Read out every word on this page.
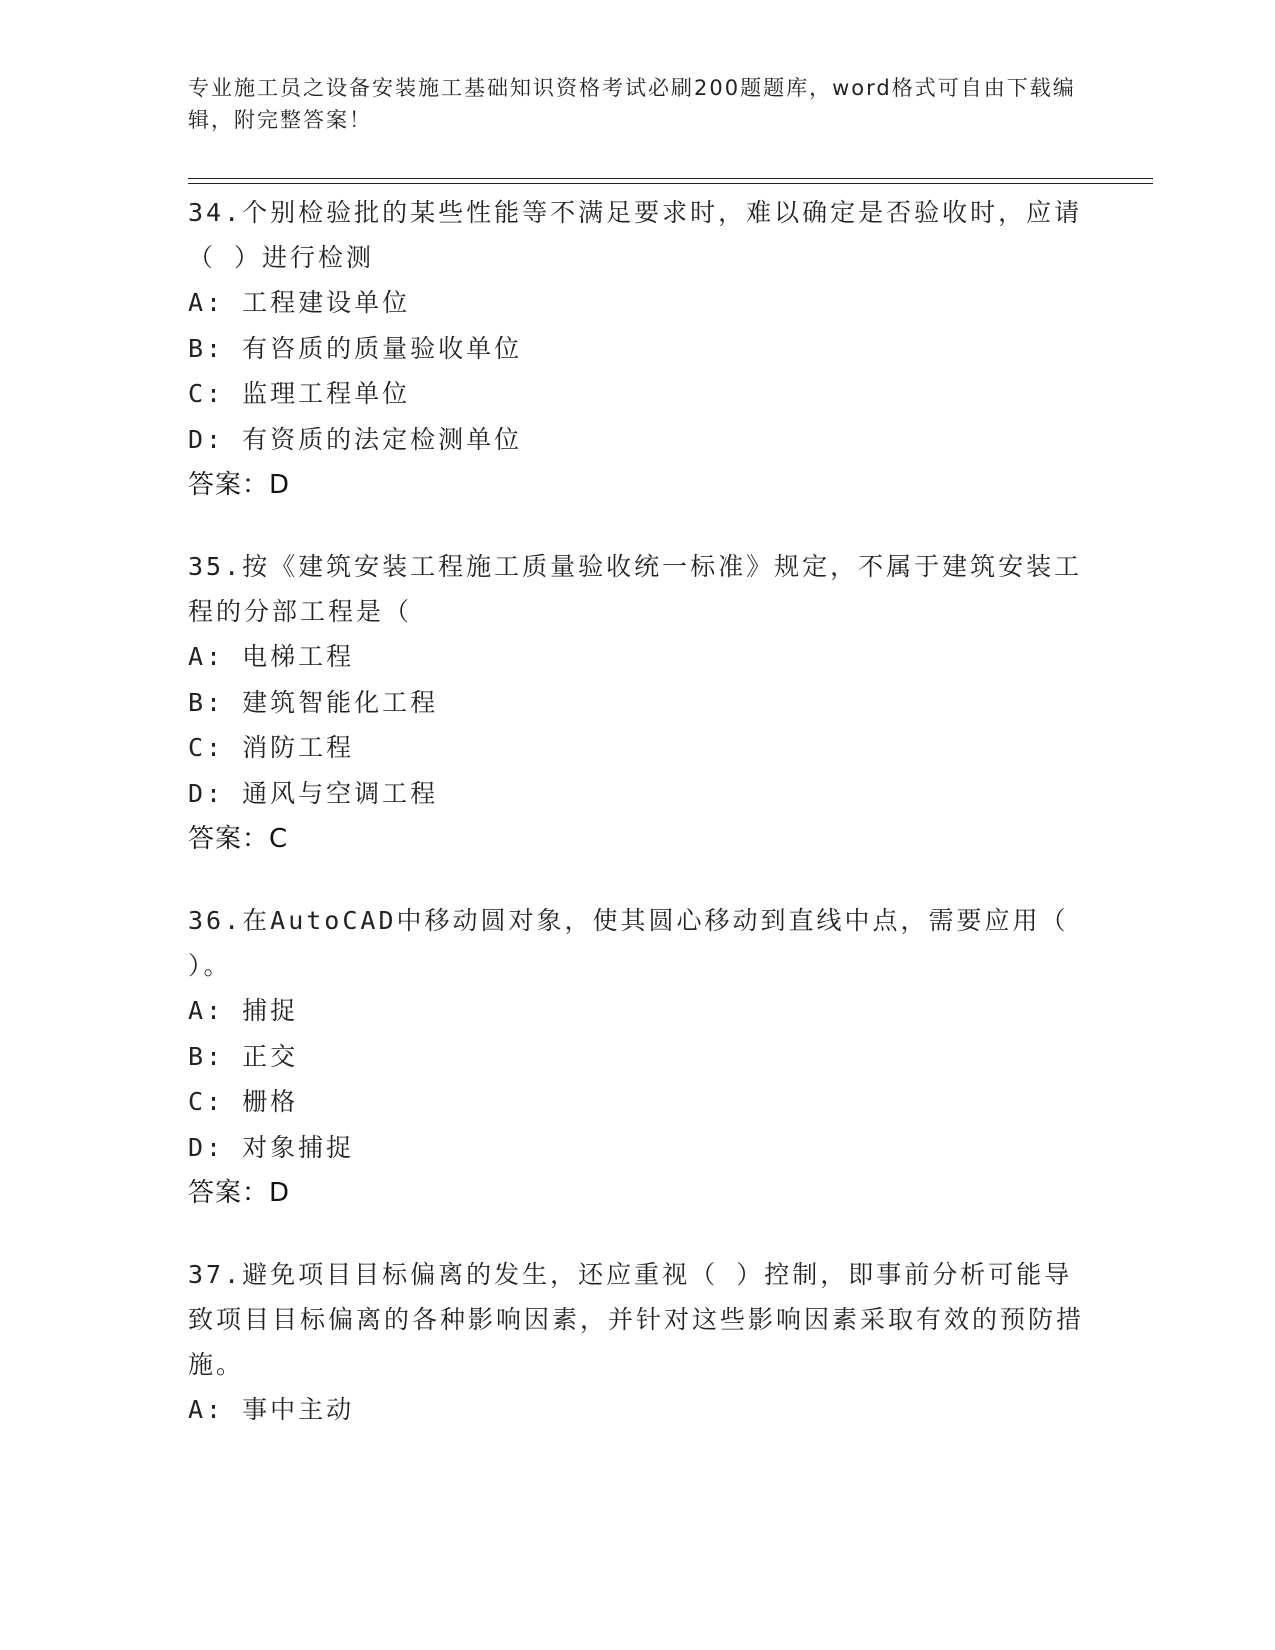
专业施工员之设备安装施工基础知识资格考试必刷200题题库，word格式可自由下载编辑，附完整答案！
34.个别检验批的某些性能等不满足要求时，难以确定是否验收时，应请（ ）进行检测
A: 工程建设单位
B: 有咨质的质量验收单位
C: 监理工程单位
D: 有资质的法定检测单位
答案：D
35.按《建筑安装工程施工质量验收统一标准》规定，不属于建筑安装工程的分部工程是（
A: 电梯工程
B: 建筑智能化工程
C: 消防工程
D: 通风与空调工程
答案：C
36.在AutoCAD中移动圆对象，使其圆心移动到直线中点，需要应用（ ）。
A: 捕捉
B: 正交
C: 栅格
D: 对象捕捉
答案：D
37.避免项目目标偏离的发生，还应重视（ ）控制，即事前分析可能导致项目目标偏离的各种影响因素，并针对这些影响因素采取有效的预防措施。
A: 事中主动
